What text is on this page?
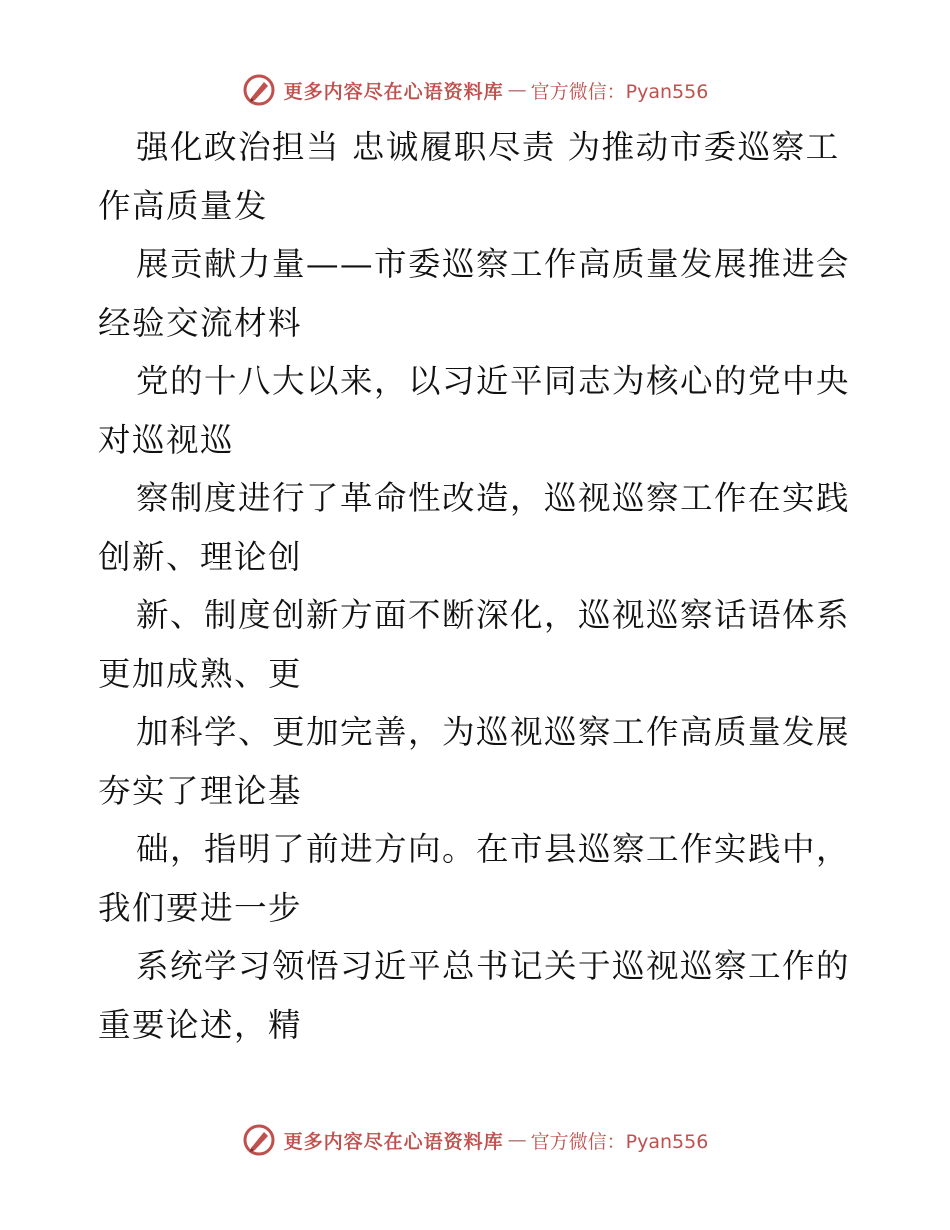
更多内容尽在心语资料库 — 官方微信：Pyan556
强化政治担当 忠诚履职尽责 为推动市委巡察工
作高质量发
展贡献力量——市委巡察工作高质量发展推进会
经验交流材料
党的十八大以来，以习近平同志为核心的党中央
对巡视巡
察制度进行了革命性改造，巡视巡察工作在实践
创新、理论创
新、制度创新方面不断深化，巡视巡察话语体系
更加成熟、更
加科学、更加完善，为巡视巡察工作高质量发展
夯实了理论基
础，指明了前进方向。在市县巡察工作实践中，
我们要进一步
系统学习领悟习近平总书记关于巡视巡察工作的
重要论述，精
更多内容尽在心语资料库 — 官方微信：Pyan556
